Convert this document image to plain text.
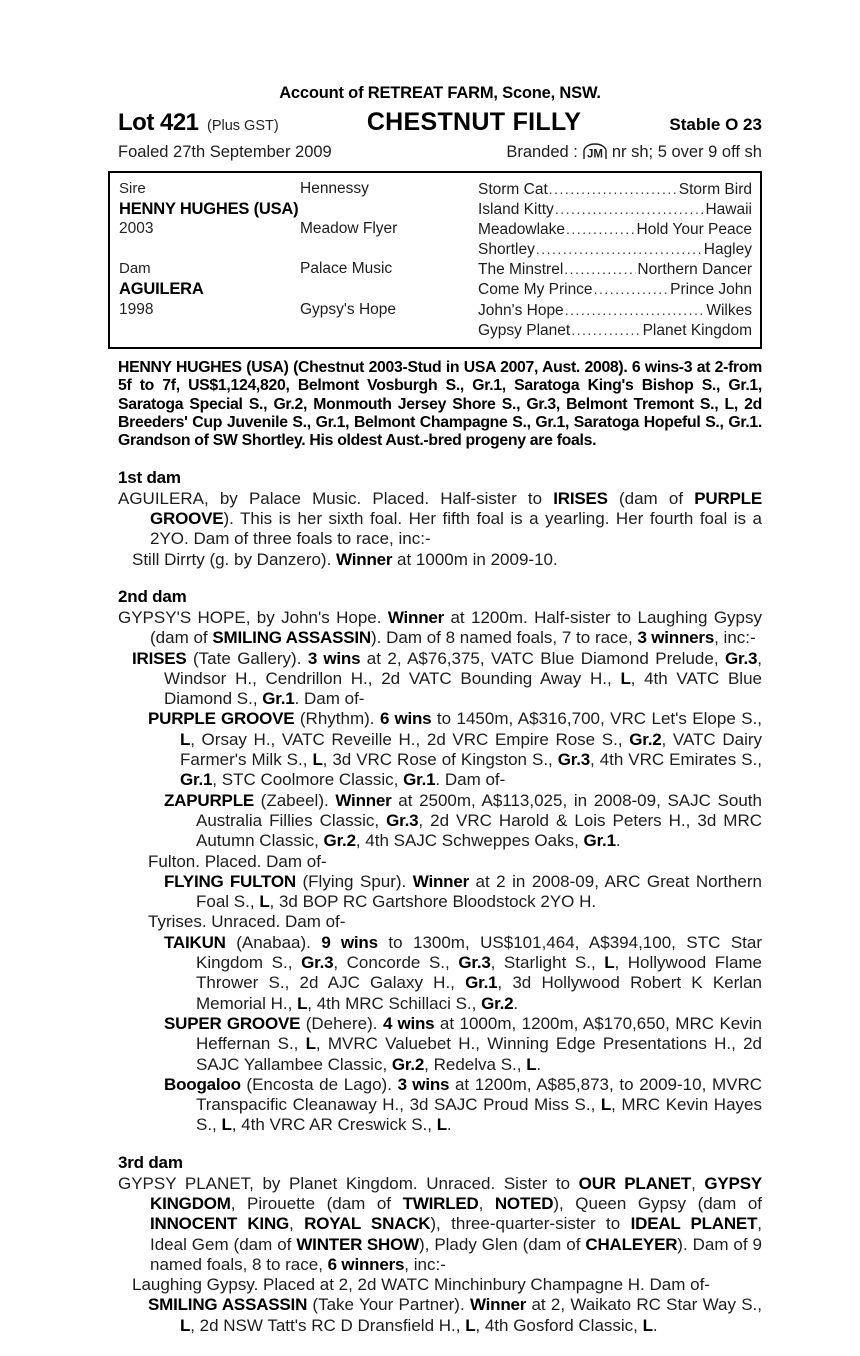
Account of RETREAT FARM, Scone, NSW.
Lot 421 (Plus GST)	CHESTNUT FILLY	Stable O 23
Foaled 27th September 2009	Branded : JM nr sh; 5 over 9 off sh
Sire	Hennessy	Storm Cat .....	Storm Bird
HENNY HUGHES (USA)	Island Kitty .....	Hawaii
2003	Meadow Flyer	Meadowlake .....	Hold Your Peace
Shortley .....	Hagley
Dam	Palace Music	The Minstrel .....	Northern Dancer
AGUILERA	Come My Prince .....	Prince John
1998	Gypsy's Hope	John's Hope .....	Wilkes
Gypsy Planet .....	Planet Kingdom

HENNY HUGHES (USA) (Chestnut 2003-Stud in USA 2007, Aust. 2008). 6 wins-3 at 2-from 5f to 7f, US$1,124,820, Belmont Vosburgh S., Gr.1, Saratoga King's Bishop S., Gr.1, Saratoga Special S., Gr.2, Monmouth Jersey Shore S., Gr.3, Belmont Tremont S., L, 2d Breeders' Cup Juvenile S., Gr.1, Belmont Champagne S., Gr.1, Saratoga Hopeful S., Gr.1. Grandson of SW Shortley. His oldest Aust.-bred progeny are foals.

1st dam

AGUILERA, by Palace Music. Placed. Half-sister to IRISES (dam of PURPLE GROOVE). This is her sixth foal. Her fifth foal is a yearling. Her fourth foal is a 2YO. Dam of three foals to race, inc:-

Still Dirrty (g. by Danzero). Winner at 1000m in 2009-10.

2nd dam

GYPSY'S HOPE, by John's Hope. Winner at 1200m. Half-sister to Laughing Gypsy (dam of SMILING ASSASSIN). Dam of 8 named foals, 7 to race, 3 winners, inc:-

IRISES (Tate Gallery). 3 wins at 2, A$76,375, VATC Blue Diamond Prelude, Gr.3, Windsor H., Cendrillon H., 2d VATC Bounding Away H., L, 4th VATC Blue Diamond S., Gr.1. Dam of-

PURPLE GROOVE (Rhythm). 6 wins to 1450m, A$316,700, VRC Let's Elope S., L, Orsay H., VATC Reveille H., 2d VRC Empire Rose S., Gr.2, VATC Dairy Farmer's Milk S., L, 3d VRC Rose of Kingston S., Gr.3, 4th VRC Emirates S., Gr.1, STC Coolmore Classic, Gr.1. Dam of-

ZAPURPLE (Zabeel). Winner at 2500m, A$113,025, in 2008-09, SAJC South Australia Fillies Classic, Gr.3, 2d VRC Harold & Lois Peters H., 3d MRC Autumn Classic, Gr.2, 4th SAJC Schweppes Oaks, Gr.1.

Fulton. Placed. Dam of-

FLYING FULTON (Flying Spur). Winner at 2 in 2008-09, ARC Great Northern Foal S., L, 3d BOP RC Gartshore Bloodstock 2YO H.

Tyrises. Unraced. Dam of-

TAIKUN (Anabaa). 9 wins to 1300m, US$101,464, A$394,100, STC Star Kingdom S., Gr.3, Concorde S., Gr.3, Starlight S., L, Hollywood Flame Thrower S., 2d AJC Galaxy H., Gr.1, 3d Hollywood Robert K Kerlan Memorial H., L, 4th MRC Schillaci S., Gr.2.

SUPER GROOVE (Dehere). 4 wins at 1000m, 1200m, A$170,650, MRC Kevin Heffernan S., L, MVRC Valuebet H., Winning Edge Presentations H., 2d SAJC Yallambee Classic, Gr.2, Redelva S., L.

Boogaloo (Encosta de Lago). 3 wins at 1200m, A$85,873, to 2009-10, MVRC Transpacific Cleanaway H., 3d SAJC Proud Miss S., L, MRC Kevin Hayes S., L, 4th VRC AR Creswick S., L.

3rd dam

GYPSY PLANET, by Planet Kingdom. Unraced. Sister to OUR PLANET, GYPSY KINGDOM, Pirouette (dam of TWIRLED, NOTED), Queen Gypsy (dam of INNOCENT KING, ROYAL SNACK), three-quarter-sister to IDEAL PLANET, Ideal Gem (dam of WINTER SHOW), Plady Glen (dam of CHALEYER). Dam of 9 named foals, 8 to race, 6 winners, inc:-

Laughing Gypsy. Placed at 2, 2d WATC Minchinbury Champagne H. Dam of-

SMILING ASSASSIN (Take Your Partner). Winner at 2, Waikato RC Star Way S., L, 2d NSW Tatt's RC D Dransfield H., L, 4th Gosford Classic, L.
